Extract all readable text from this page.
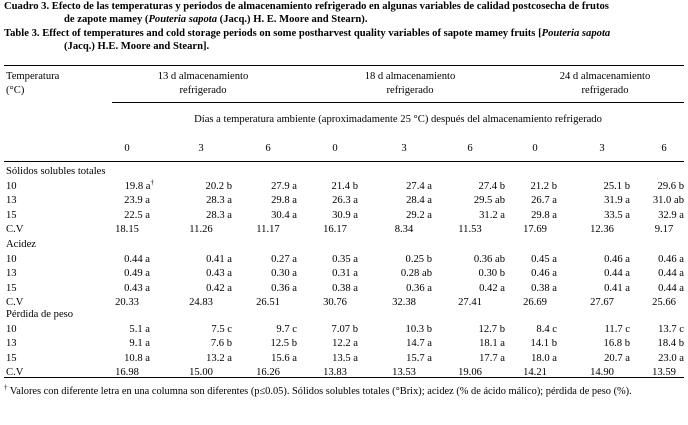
Cuadro 3. Efecto de las temperaturas y periodos de almacenamiento refrigerado en algunas variables de calidad postcosecha de frutos
de zapote mamey (Pouteria sapota (Jacq.) H. E. Moore and Stearn).
Table 3. Effect of temperatures and cold storage periods on some postharvest quality variables of sapote mamey fruits [Pouteria sapota
(Jacq.) H.E. Moore and Stearn].
Temperatura
(°C)
13 d almacenamiento
refrigerado
18 d almacenamiento
refrigerado
24 d almacenamiento
refrigerado
Días a temperatura ambiente (aproximadamente 25 °C) después del almacenamiento refrigerado
0	3	6	0	3	6	0	3	6
Sólidos solubles totales
10	19.8 a†	20.2 b	27.9 a	21.4 b	27.4 a	27.4 b	21.2 b	25.1 b	29.6 b
13	23.9 a	28.3 a	29.8 a	26.3 a	28.4 a	29.5 ab	26.7 a	31.9 a	31.0 ab
15	22.5 a	28.3 a	30.4 a	30.9 a	29.2 a	31.2 a	29.8 a	33.5 a	32.9 a
C.V	18.15	11.26	11.17	16.17	8.34	11.53	17.69	12.36	9.17
Acidez
10	0.44 a	0.41 a	0.27 a	0.35 a	0.25 b	0.36 ab	0.45 a	0.46 a	0.46 a
13	0.49 a	0.43 a	0.30 a	0.31 a	0.28 ab	0.30 b	0.46 a	0.44 a	0.44 a
15	0.43 a	0.42 a	0.36 a	0.38 a	0.36 a	0.42 a	0.38 a	0.41 a	0.44 a
C.V	20.33	24.83	26.51	30.76	32.38	27.41	26.69	27.67	25.66
Pérdida de peso
10	5.1 a	7.5 c	9.7 c	7.07 b	10.3 b	12.7 b	8.4 c	11.7 c	13.7 c
13	9.1 a	7.6 b	12.5 b	12.2 a	14.7 a	18.1 a	14.1 b	16.8 b	18.4 b
15	10.8 a	13.2 a	15.6 a	13.5 a	15.7 a	17.7 a	18.0 a	20.7 a	23.0 a
C.V	16.98	15.00	16.26	13.83	13.53	19.06	14.21	14.90	13.59
† Valores con diferente letra en una columna son diferentes (p≤0.05). Sólidos solubles totales (°Brix); acidez (% de ácido málico); pérdida de peso (%).
